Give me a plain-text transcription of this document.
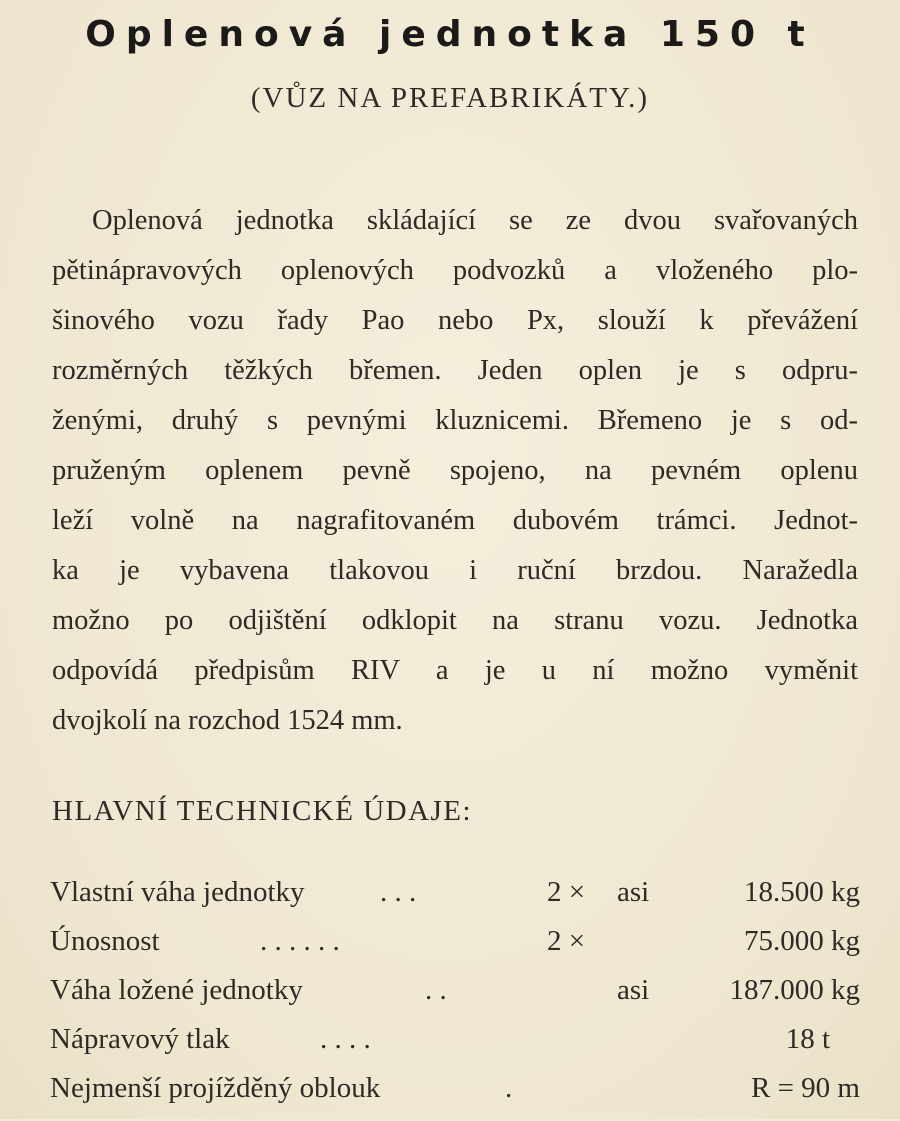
Oplenová jednotka 150 t
(VŮZ NA PREFABRIKÁTY.)
Oplenová jednotka skládající se ze dvou svařovaných
pětinápravových oplenových podvozků a vloženého plo-
šinového vozu řady Pao nebo Px, slouží k převážení
rozměrných těžkých břemen. Jeden oplen je s odpru-
ženými, druhý s pevnými kluznicemi. Břemeno je s od-
pruženým oplenem pevně spojeno, na pevném oplenu
leží volně na nagrafitovaném dubovém trámci. Jednot-
ka je vybavena tlakovou i ruční brzdou. Naražedla
možno po odjištění odklopit na stranu vozu. Jednotka
odpovídá předpisům RIV a je u ní možno vyměnit
dvojkolí na rozchod 1524 mm.
HLAVNÍ TECHNICKÉ ÚDAJE:
Vlastní váha jednotky	. . .	2 × asi	18.500 kg
Únosnost	. . . . . .	2 ×	75.000 kg
Váha ložené jednotky	. .	asi	187.000 kg
Nápravový tlak	. . . .	18 t
Nejmenší projížděný oblouk	.	R = 90 m
